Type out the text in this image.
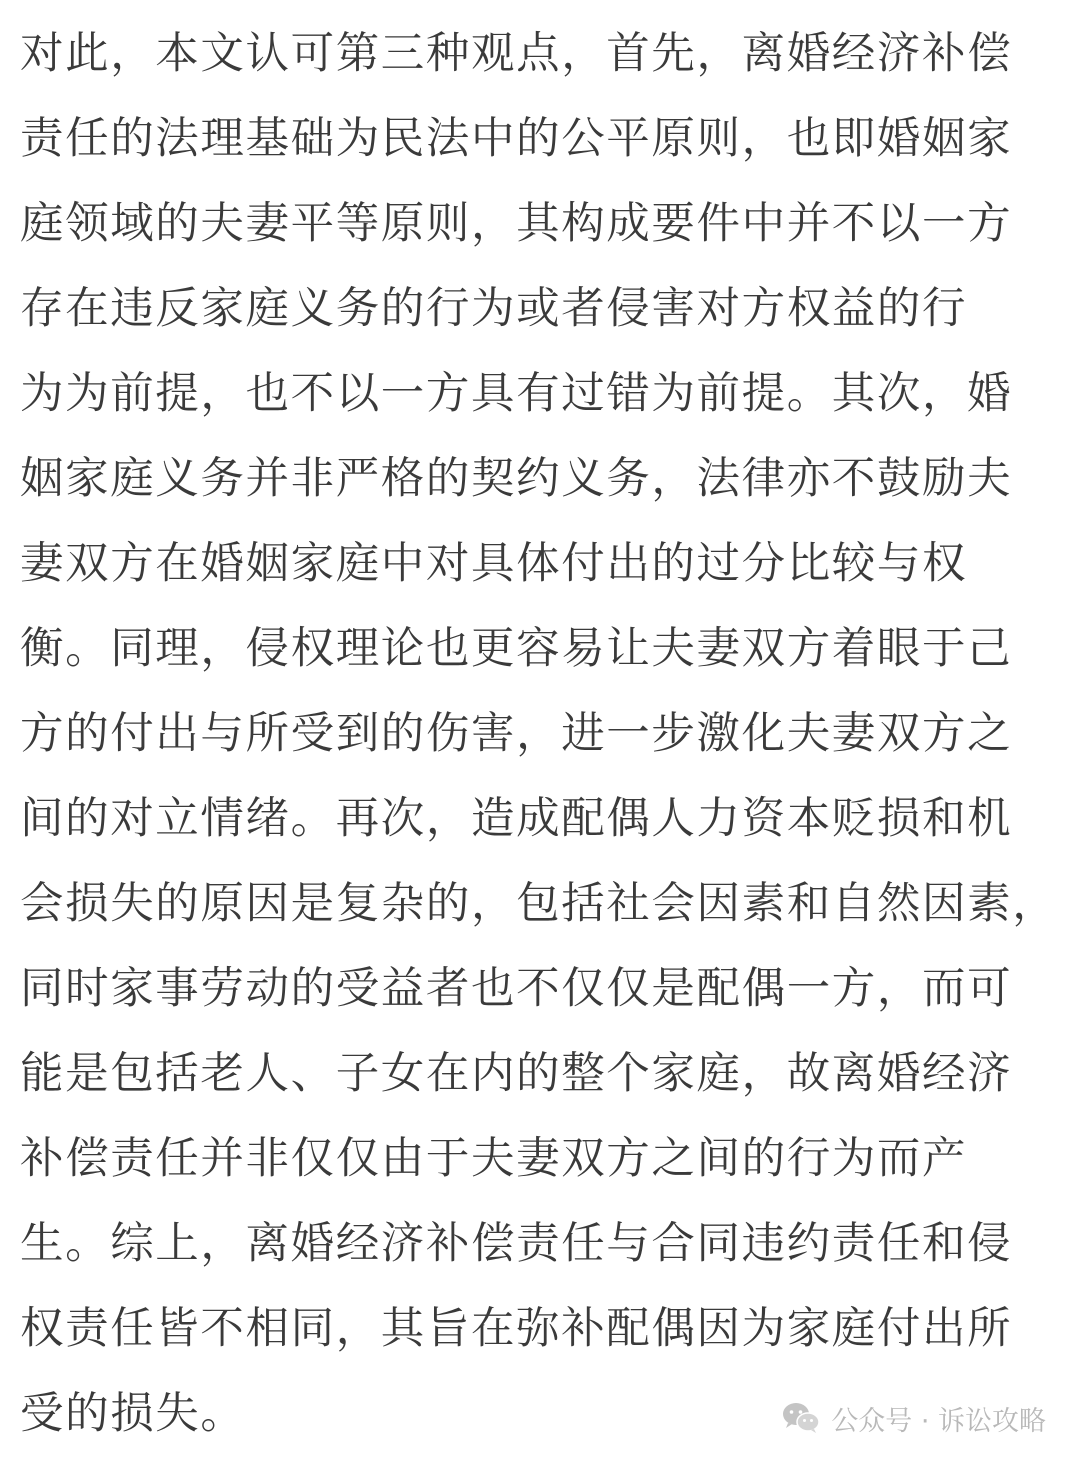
对此，本文认可第三种观点，首先，离婚经济补偿
责任的法理基础为民法中的公平原则，也即婚姻家
庭领域的夫妻平等原则，其构成要件中并不以一方
存在违反家庭义务的行为或者侵害对方权益的行
为为前提，也不以一方具有过错为前提。其次，婚
姻家庭义务并非严格的契约义务，法律亦不鼓励夫
妻双方在婚姻家庭中对具体付出的过分比较与权
衡。同理，侵权理论也更容易让夫妻双方着眼于己
方的付出与所受到的伤害，进一步激化夫妻双方之
间的对立情绪。再次，造成配偶人力资本贬损和机
会损失的原因是复杂的，包括社会因素和自然因素，
同时家事劳动的受益者也不仅仅是配偶一方，而可
能是包括老人、子女在内的整个家庭，故离婚经济
补偿责任并非仅仅由于夫妻双方之间的行为而产
生。综上，离婚经济补偿责任与合同违约责任和侵
权责任皆不相同，其旨在弥补配偶因为家庭付出所
受的损失。	公众号 · 诉讼攻略
